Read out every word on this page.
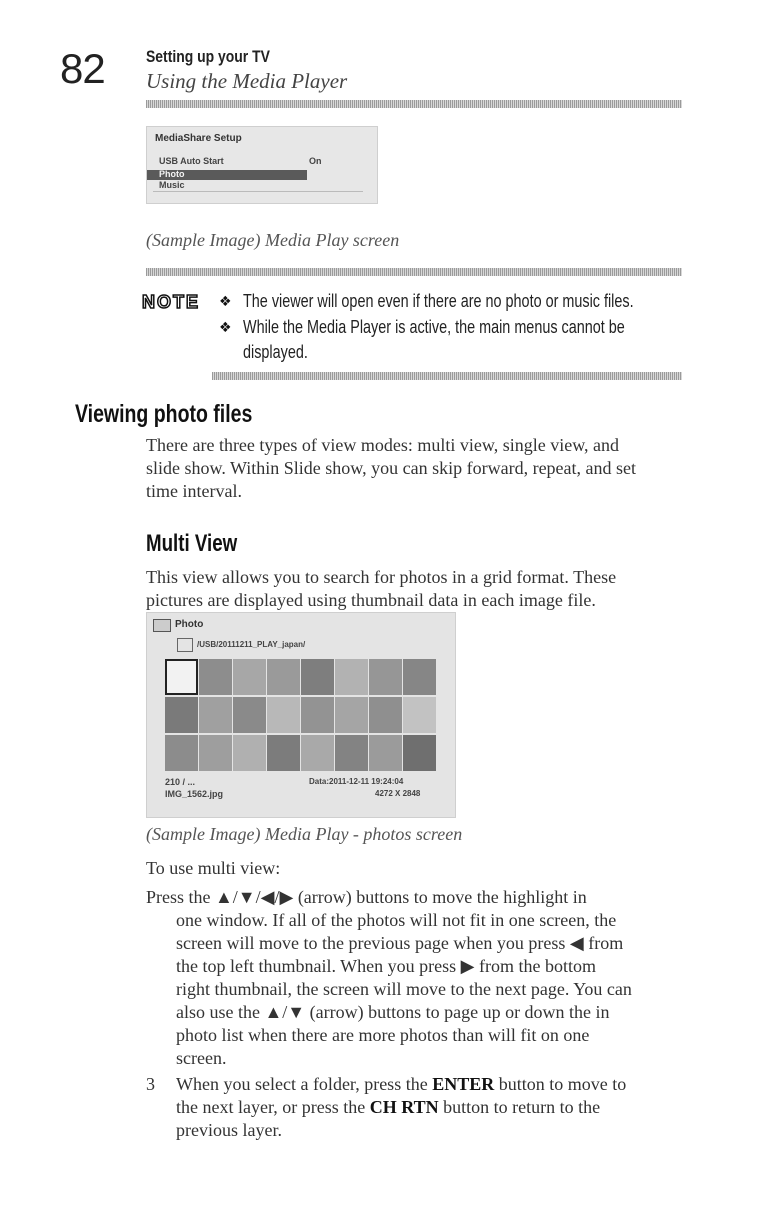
82 Setting up your TV
Using the Media Player
MediaShare Setup
USB Auto Start	On
Photo
Music
(Sample Image) Media Play screen
NOTE ❖ The viewer will open even if there are no photo or music files.
❖ While the Media Player is active, the main menus cannot be
displayed.
Viewing photo files
There are three types of view modes: multi view, single view, and
slide show. Within Slide show, you can skip forward, repeat, and set
time interval.
Multi View
This view allows you to search for photos in a grid format. These
pictures are displayed using thumbnail data in each image file.
Photo
/USB/20111211_PLAY_japan/
210 / ...
IMG_1562.jpg
Data:2011-12-11 19:24:04
4272 X 2848
(Sample Image) Media Play - photos screen
To use multi view:
Press the ▲/▼/◀/▶ (arrow) buttons to move the highlight in
one window. If all of the photos will not fit in one screen, the
screen will move to the previous page when you press ◀ from
the top left thumbnail. When you press ▶ from the bottom
right thumbnail, the screen will move to the next page. You can
also use the ▲/▼ (arrow) buttons to page up or down the in
photo list when there are more photos than will fit on one
screen.
3 When you select a folder, press the ENTER button to move to
the next layer, or press the CH RTN button to return to the
previous layer.
